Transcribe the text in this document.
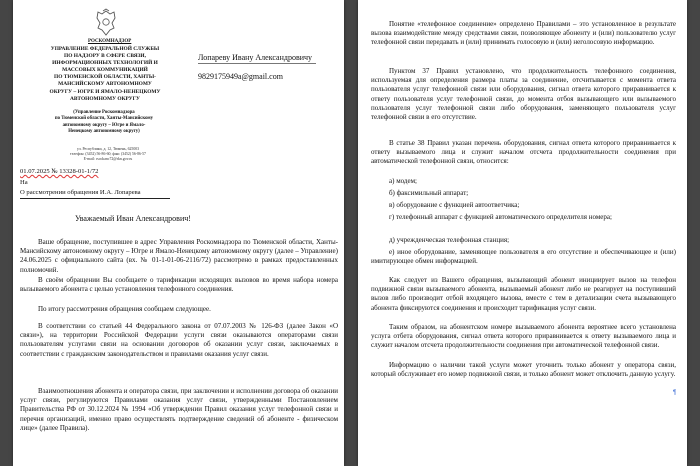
РОСКОМНАДЗОР
УПРАВЛЕНИЕ ФЕДЕРАЛЬНОЙ СЛУЖБЫ
ПО НАДЗОРУ В СФЕРЕ СВЯЗИ,
ИНФОРМАЦИОННЫХ ТЕХНОЛОГИЙ И
МАССОВЫХ КОММУНИКАЦИЙ
ПО ТЮМЕНСКОЙ ОБЛАСТИ, ХАНТЫ-
МАНСИЙСКОМУ АВТОНОМНОМУ
ОКРУГУ – ЮГРЕ И ЯМАЛО-НЕНЕЦКОМУ
АВТОНОМНОМУ ОКРУГУ
(Управление Роскомнадзора
по Тюменской области, Ханты-Мансийскому
автономному округу – Югре и Ямало-
Ненецкому автономному округу)
ул. Республики, д. 12, Тюмень, 625003
телефон: (3452) 56-86-60; факс (3452) 56-86-57
E-mail: rsockanc72@rkn.gov.ru
01.07.2025 № 13328-01-1/72
На
О рассмотрении обращения И.А. Лопарева
Лопареву Ивану Александровичу
9829175949a@gmail.com
Уважаемый Иван Александрович!
Ваше обращение, поступившее в адрес Управления Роскомнадзора по Тюменской области, Ханты-Мансийскому автономному округу – Югре и Ямало-Ненецкому автономному округу (далее – Управление) 24.06.2025 с официального сайта (вх. № 01-1-01-06-2116/72) рассмотрено в рамках предоставленных полномочий.
В своём обращении Вы сообщаете о тарификации исходящих вызовов во время набора номера вызываемого абонента с целью установления телефонного соединения.
По итогу рассмотрения обращения сообщаем следующее.
В соответствии со статьей 44 Федерального закона от 07.07.2003 № 126-ФЗ (далее Закон «О связи»), на территории Российской Федерации услуги связи оказываются операторами связи пользователям услугами связи на основании договоров об оказании услуг связи, заключаемых в соответствии с гражданским законодательством и правилами оказания услуг связи.
Взаимоотношения абонента и оператора связи, при заключении и исполнении договора об оказании услуг связи, регулируются Правилами оказания услуг связи, утвержденными Постановлением Правительства РФ от 30.12.2024 № 1994 «Об утверждении Правил оказания услуг телефонной связи и перечня организаций, именно право осуществлять подтверждение сведений об абоненте - физическом лице» (далее Правила).
Понятие «телефонное соединение» определено Правилами – это установленное в результате вызова взаимодействие между средствами связи, позволяющее абоненту и (или) пользователю услуг телефонной связи передавать и (или) принимать голосовую и (или) неголосовую информацию.
Пунктом 37 Правил установлено, что продолжительность телефонного соединения, используемая для определения размера платы за соединение, отсчитывается с момента ответа пользователя услуг телефонной связи или оборудования, сигнал ответа которого приравнивается к ответу пользователя услуг телефонной связи, до момента отбоя вызывающего или вызываемого пользователя услуг телефонной связи либо оборудования, заменяющего пользователя услуг телефонной связи в его отсутствие.
В статье 38 Правил указан перечень оборудования, сигнал ответа которого приравнивается к ответу вызываемого лица и служит началом отсчета продолжительности соединения при автоматической телефонной связи, относится:
а) модем;
б) факсимильный аппарат;
в) оборудование с функцией автоответчика;
г) телефонный аппарат с функцией автоматического определителя номера;
д) учрежденческая телефонная станция;
е) иное оборудование, заменяющее пользователя в его отсутствие и обеспечивающее и (или) имитирующее обмен информацией.
Как следует из Вашего обращения, вызывающий абонент инициирует вызов на телефон подвижной связи вызываемого абонента, вызываемый абонент либо не реагирует на поступивший вызов либо производит отбой входящего вызова, вместе с тем в детализации счета вызывающего абонента фиксируются соединения и происходит тарификация услуг связи.
Таким образом, на абонентском номере вызываемого абонента вероятнее всего установлена услуга отбета оборудования, сигнал ответа которого приравнивается к ответу вызываемого лица и служит началом отсчета продолжительности соединения при автоматической телефонной связи.
Информацию о наличии такой услуги может уточнить только абонент у оператора связи, который обслуживает его номер подвижной связи, и только абонент может отключить данную услугу.
¶
